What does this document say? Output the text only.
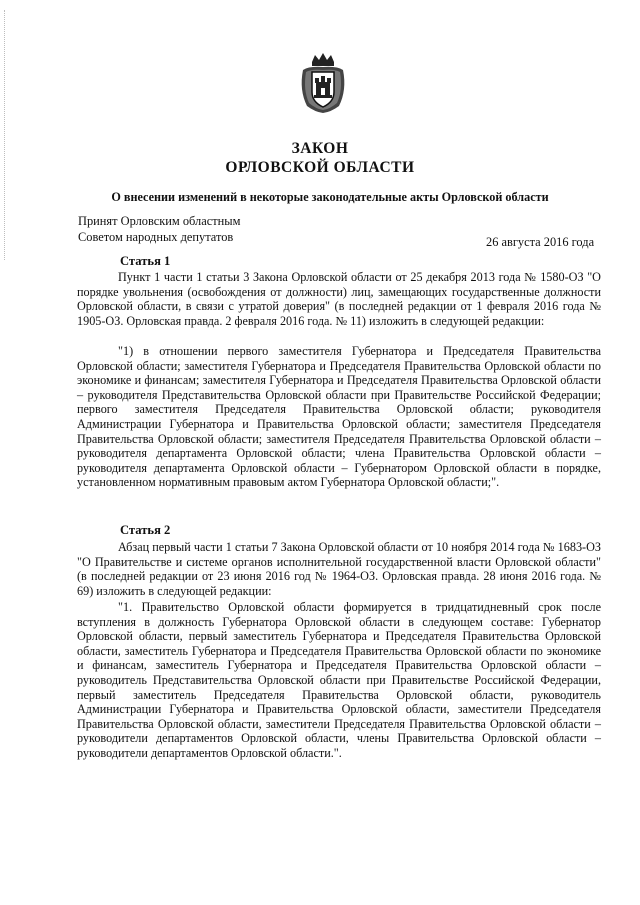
ЗАКОН
ОРЛОВСКОЙ ОБЛАСТИ
О внесении изменений в некоторые законодательные акты Орловской области
Принят Орловским областным
Советом народных депутатов	26 августа 2016 года
Статья 1

Пункт 1 части 1 статьи 3 Закона Орловской области от 25 декабря 2013 года № 1580-ОЗ "О порядке увольнения (освобождения от должности) лиц, замещающих государственные должности Орловской области, в связи с утратой доверия" (в последней редакции от 1 февраля 2016 года № 1905-ОЗ. Орловская правда. 2 февраля 2016 года. № 11) изложить в следующей редакции:

"1) в отношении первого заместителя Губернатора и Председателя Правительства Орловской области; заместителя Губернатора и Председателя Правительства Орловской области по экономике и финансам; заместителя Губернатора и Председателя Правительства Орловской области – руководителя Представительства Орловской области при Правительстве Российской Федерации; первого заместителя Председателя Правительства Орловской области; руководителя Администрации Губернатора и Правительства Орловской области; заместителя Председателя Правительства Орловской области; заместителя Председателя Правительства Орловской области – руководителя департамента Орловской области; члена Правительства Орловской области – руководителя департамента Орловской области – Губернатором Орловской области в порядке, установленном нормативным правовым актом Губернатора Орловской области;".

Статья 2

Абзац первый части 1 статьи 7 Закона Орловской области от 10 ноября 2014 года № 1683-ОЗ "О Правительстве и системе органов исполнительной государственной власти Орловской области" (в последней редакции от 23 июня 2016 год № 1964-ОЗ. Орловская правда. 28 июня 2016 года. № 69) изложить в следующей редакции:

"1. Правительство Орловской области формируется в тридцатидневный срок после вступления в должность Губернатора Орловской области в следующем составе: Губернатор Орловской области, первый заместитель Губернатора и Председателя Правительства Орловской области, заместитель Губернатора и Председателя Правительства Орловской области по экономике и финансам, заместитель Губернатора и Председателя Правительства Орловской области – руководитель Представительства Орловской области при Правительстве Российской Федерации, первый заместитель Председателя Правительства Орловской области, руководитель Администрации Губернатора и Правительства Орловской области, заместители Председателя Правительства Орловской области, заместители Председателя Правительства Орловской области – руководители департаментов Орловской области, члены Правительства Орловской области – руководители департаментов Орловской области.".
